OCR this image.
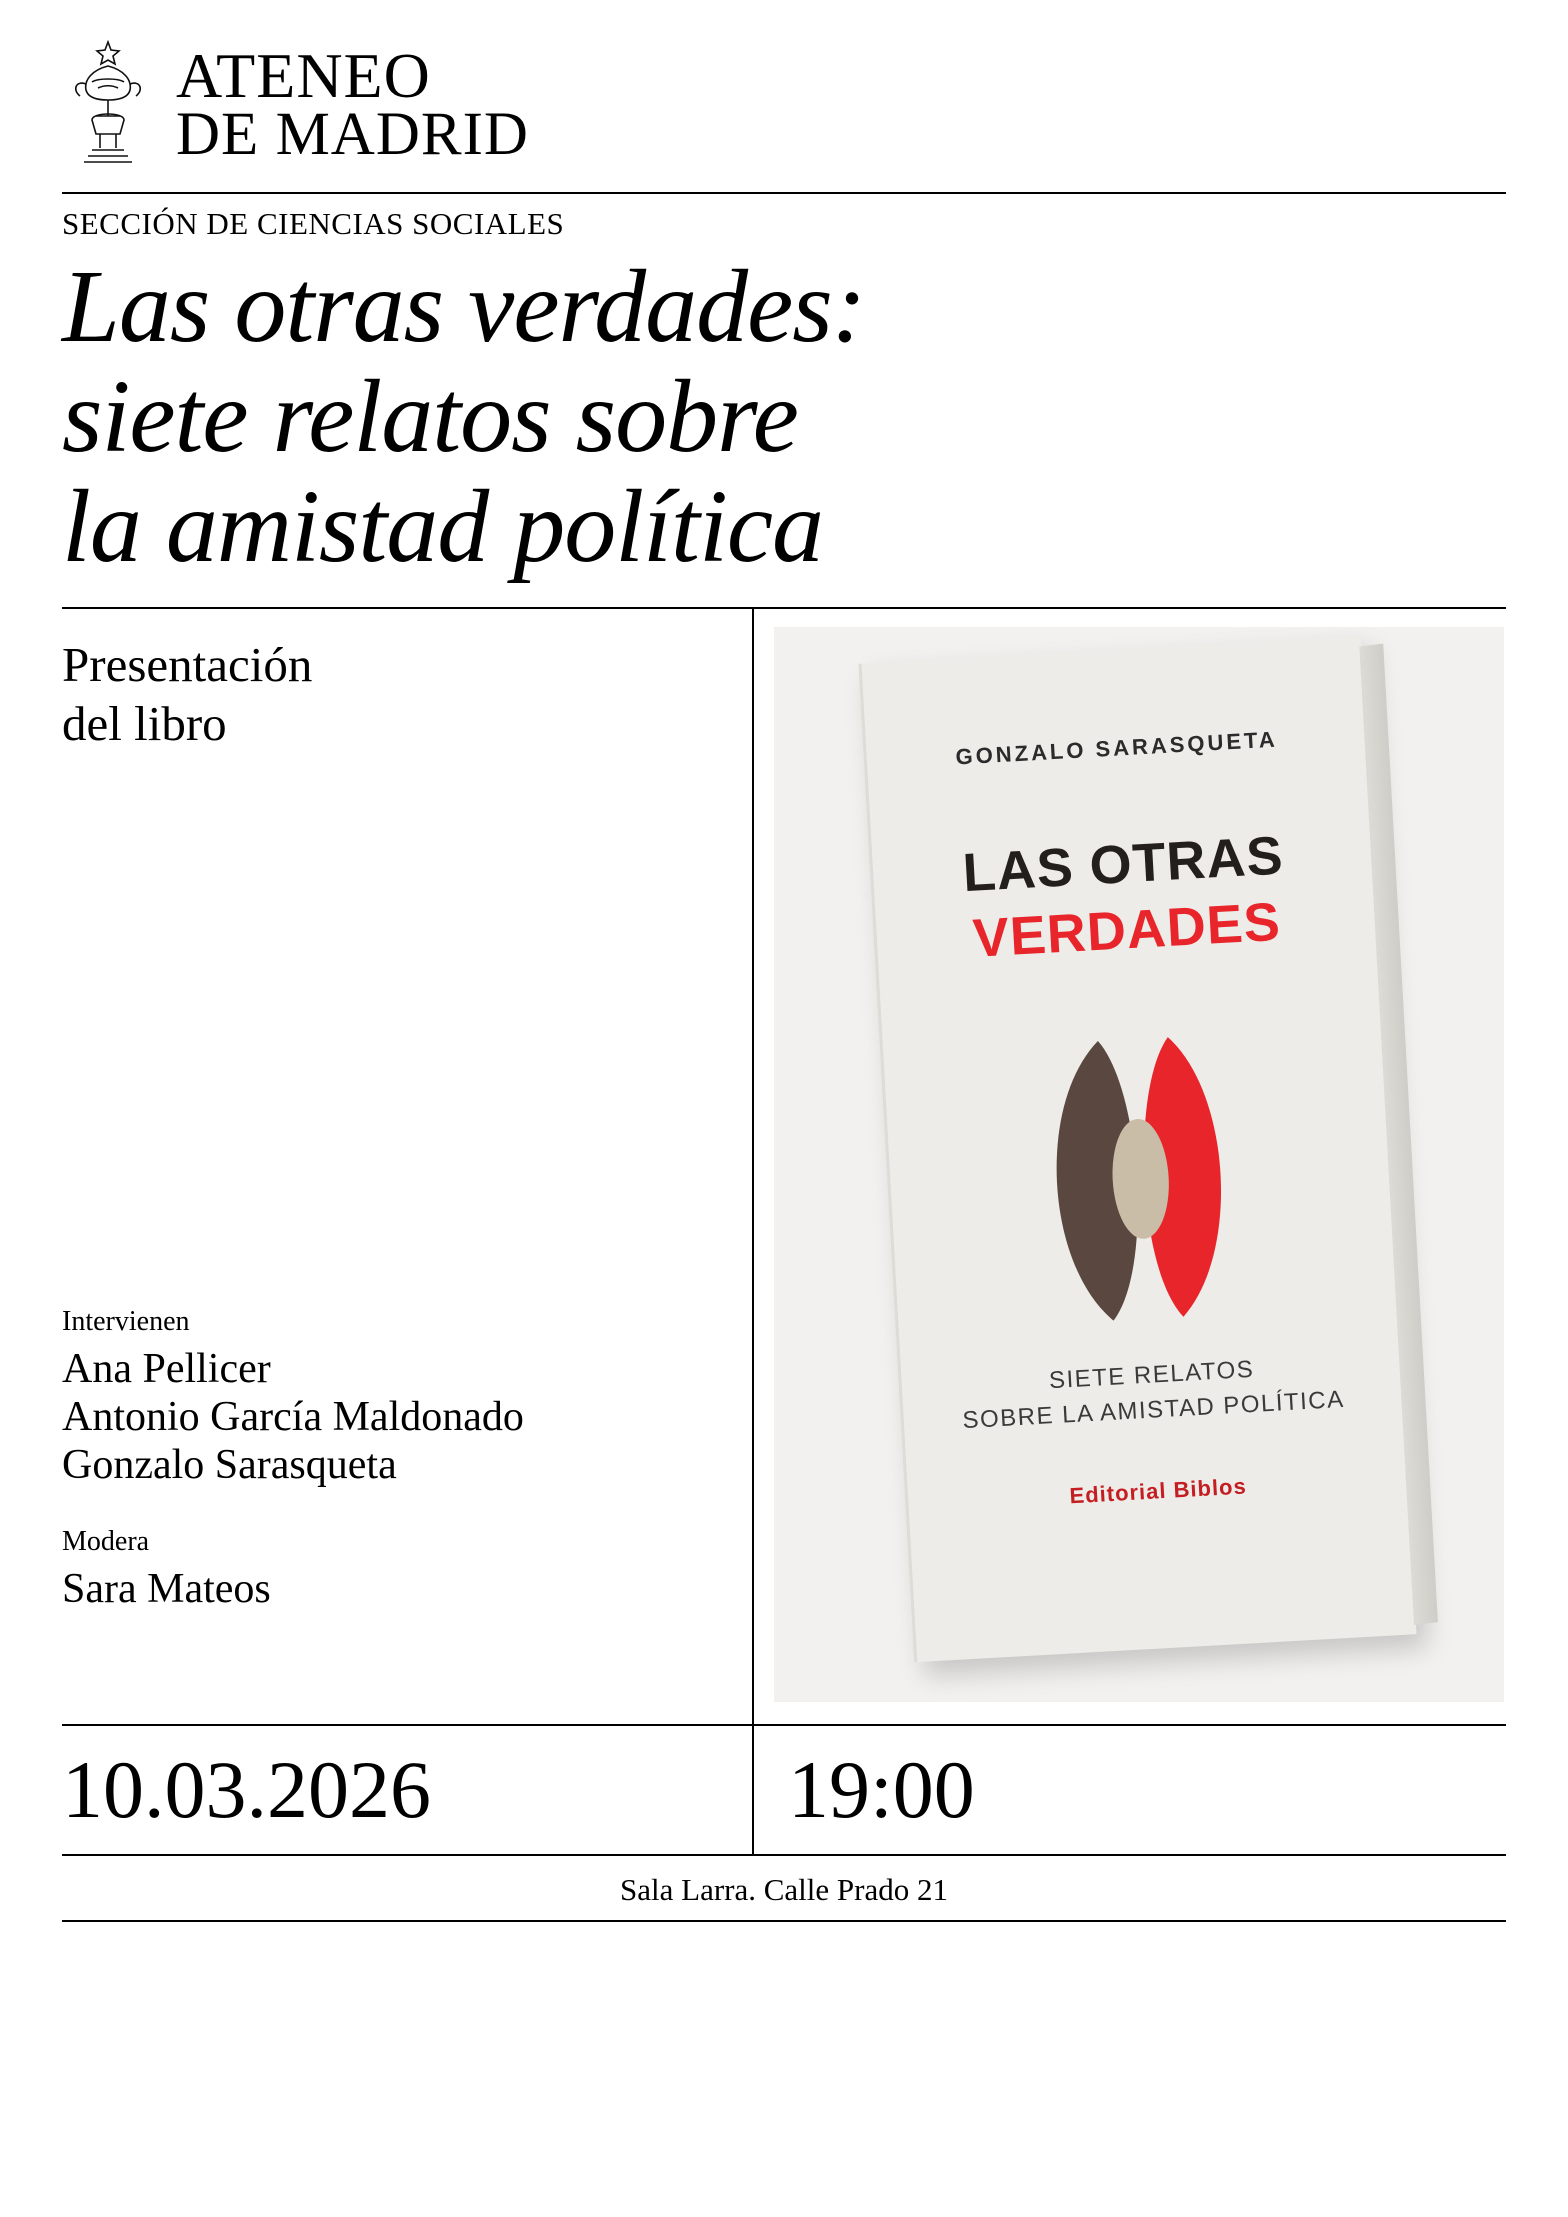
ATENEO
DE MADRID
SECCIÓN DE CIENCIAS SOCIALES
Las otras verdades:
siete relatos sobre
la amistad política
Presentación
del libro
Intervienen
Ana Pellicer
Antonio García Maldonado
Gonzalo Sarasqueta
Modera
Sara Mateos
GONZALO SARASQUETA
LAS OTRAS
VERDADES
SIETE RELATOS
SOBRE LA AMISTAD POLÍTICA
Editorial Biblos
10.03.2026	19:00
Sala Larra. Calle Prado 21
